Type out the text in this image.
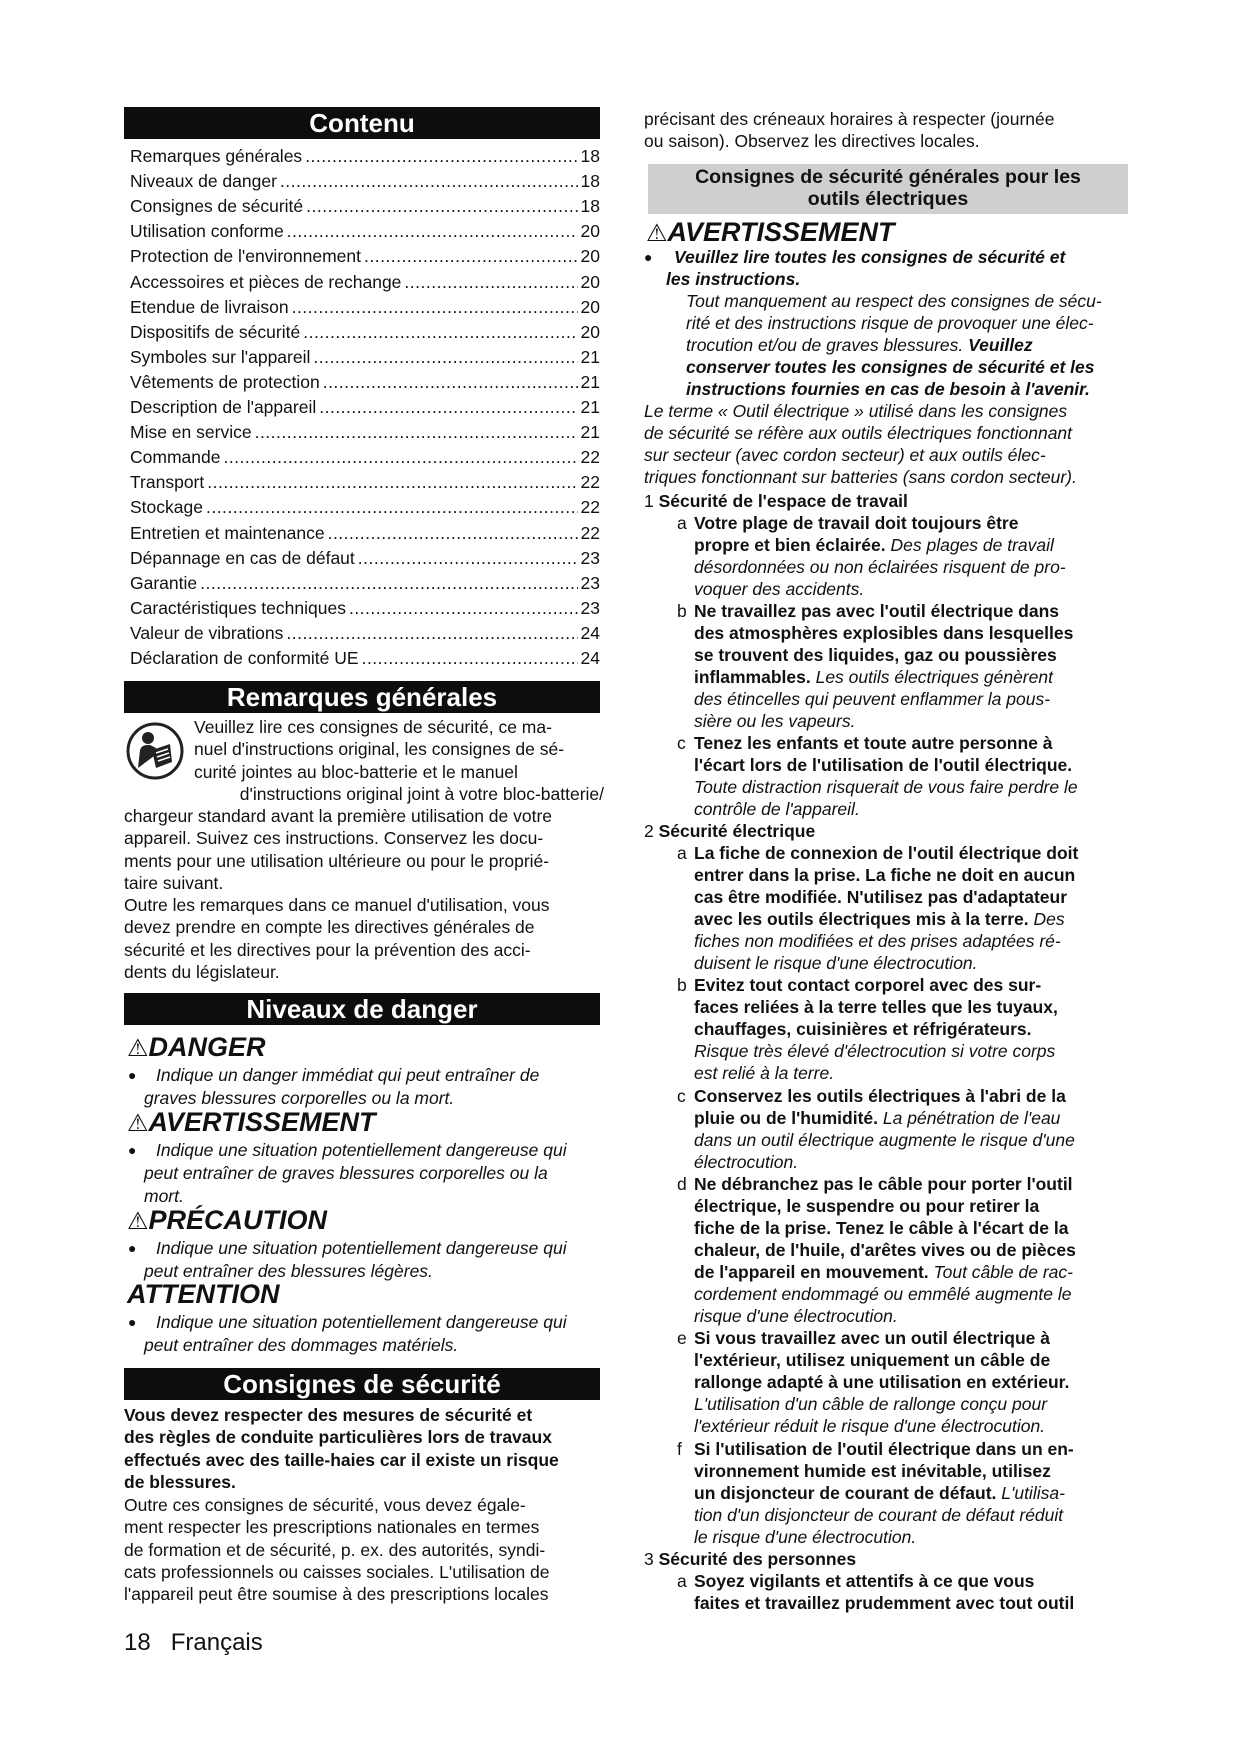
Contenu
Remarques générales .....	18
Niveaux de danger .....	18
Consignes de sécurité .....	18
Utilisation conforme .....	20
Protection de l'environnement .....	20
Accessoires et pièces de rechange .....	20
Etendue de livraison .....	20
Dispositifs de sécurité .....	20
Symboles sur l'appareil .....	21
Vêtements de protection .....	21
Description de l'appareil .....	21
Mise en service .....	21
Commande .....	22
Transport .....	22
Stockage .....	22
Entretien et maintenance .....	22
Dépannage en cas de défaut .....	23
Garantie .....	23
Caractéristiques techniques .....	23
Valeur de vibrations .....	24
Déclaration de conformité UE .....	24
Remarques générales
Veuillez lire ces consignes de sécurité, ce ma-
nuel d'instructions original, les consignes de sé-
curité jointes au bloc-batterie et le manuel
d'instructions original joint à votre bloc-batterie/
chargeur standard avant la première utilisation de votre
appareil. Suivez ces instructions. Conservez les docu-
ments pour une utilisation ultérieure ou pour le proprié-
taire suivant.
Outre les remarques dans ce manuel d'utilisation, vous
devez prendre en compte les directives générales de
sécurité et les directives pour la prévention des acci-
dents du législateur.
Niveaux de danger
⚠DANGER
●	Indique un danger immédiat qui peut entraîner de
graves blessures corporelles ou la mort.
⚠AVERTISSEMENT
●	Indique une situation potentiellement dangereuse qui
peut entraîner de graves blessures corporelles ou la
mort.
⚠PRÉCAUTION
●	Indique une situation potentiellement dangereuse qui
peut entraîner des blessures légères.
ATTENTION
●	Indique une situation potentiellement dangereuse qui
peut entraîner des dommages matériels.
Consignes de sécurité
Vous devez respecter des mesures de sécurité et
des règles de conduite particulières lors de travaux
effectués avec des taille-haies car il existe un risque
de blessures.
Outre ces consignes de sécurité, vous devez égale-
ment respecter les prescriptions nationales en termes
de formation et de sécurité, p. ex. des autorités, syndi-
cats professionnels ou caisses sociales. L'utilisation de
l'appareil peut être soumise à des prescriptions locales
précisant des créneaux horaires à respecter (journée
ou saison). Observez les directives locales.
Consignes de sécurité générales pour les
outils électriques
⚠AVERTISSEMENT
●	Veuillez lire toutes les consignes de sécurité et
les instructions.
Tout manquement au respect des consignes de sécu-
rité et des instructions risque de provoquer une élec-
trocution et/ou de graves blessures. Veuillez
conserver toutes les consignes de sécurité et les
instructions fournies en cas de besoin à l'avenir.
Le terme « Outil électrique » utilisé dans les consignes
de sécurité se réfère aux outils électriques fonctionnant
sur secteur (avec cordon secteur) et aux outils élec-
triques fonctionnant sur batteries (sans cordon secteur).
1 Sécurité de l'espace de travail
a Votre plage de travail doit toujours être
propre et bien éclairée. Des plages de travail
désordonnées ou non éclairées risquent de pro-
voquer des accidents.
b Ne travaillez pas avec l'outil électrique dans
des atmosphères explosibles dans lesquelles
se trouvent des liquides, gaz ou poussières
inflammables. Les outils électriques génèrent
des étincelles qui peuvent enflammer la pous-
sière ou les vapeurs.
c Tenez les enfants et toute autre personne à
l'écart lors de l'utilisation de l'outil électrique.
Toute distraction risquerait de vous faire perdre le
contrôle de l'appareil.
2 Sécurité électrique
a La fiche de connexion de l'outil électrique doit
entrer dans la prise. La fiche ne doit en aucun
cas être modifiée. N'utilisez pas d'adaptateur
avec les outils électriques mis à la terre. Des
fiches non modifiées et des prises adaptées ré-
duisent le risque d'une électrocution.
b Evitez tout contact corporel avec des sur-
faces reliées à la terre telles que les tuyaux,
chauffages, cuisinières et réfrigérateurs.
Risque très élevé d'électrocution si votre corps
est relié à la terre.
c Conservez les outils électriques à l'abri de la
pluie ou de l'humidité. La pénétration de l'eau
dans un outil électrique augmente le risque d'une
électrocution.
d Ne débranchez pas le câble pour porter l'outil
électrique, le suspendre ou pour retirer la
fiche de la prise. Tenez le câble à l'écart de la
chaleur, de l'huile, d'arêtes vives ou de pièces
de l'appareil en mouvement. Tout câble de rac-
cordement endommagé ou emmêlé augmente le
risque d'une électrocution.
e Si vous travaillez avec un outil électrique à
l'extérieur, utilisez uniquement un câble de
rallonge adapté à une utilisation en extérieur.
L'utilisation d'un câble de rallonge conçu pour
l'extérieur réduit le risque d'une électrocution.
f Si l'utilisation de l'outil électrique dans un en-
vironnement humide est inévitable, utilisez
un disjoncteur de courant de défaut. L'utilisa-
tion d'un disjoncteur de courant de défaut réduit
le risque d'une électrocution.
3 Sécurité des personnes
a Soyez vigilants et attentifs à ce que vous
faites et travaillez prudemment avec tout outil
18 Français
